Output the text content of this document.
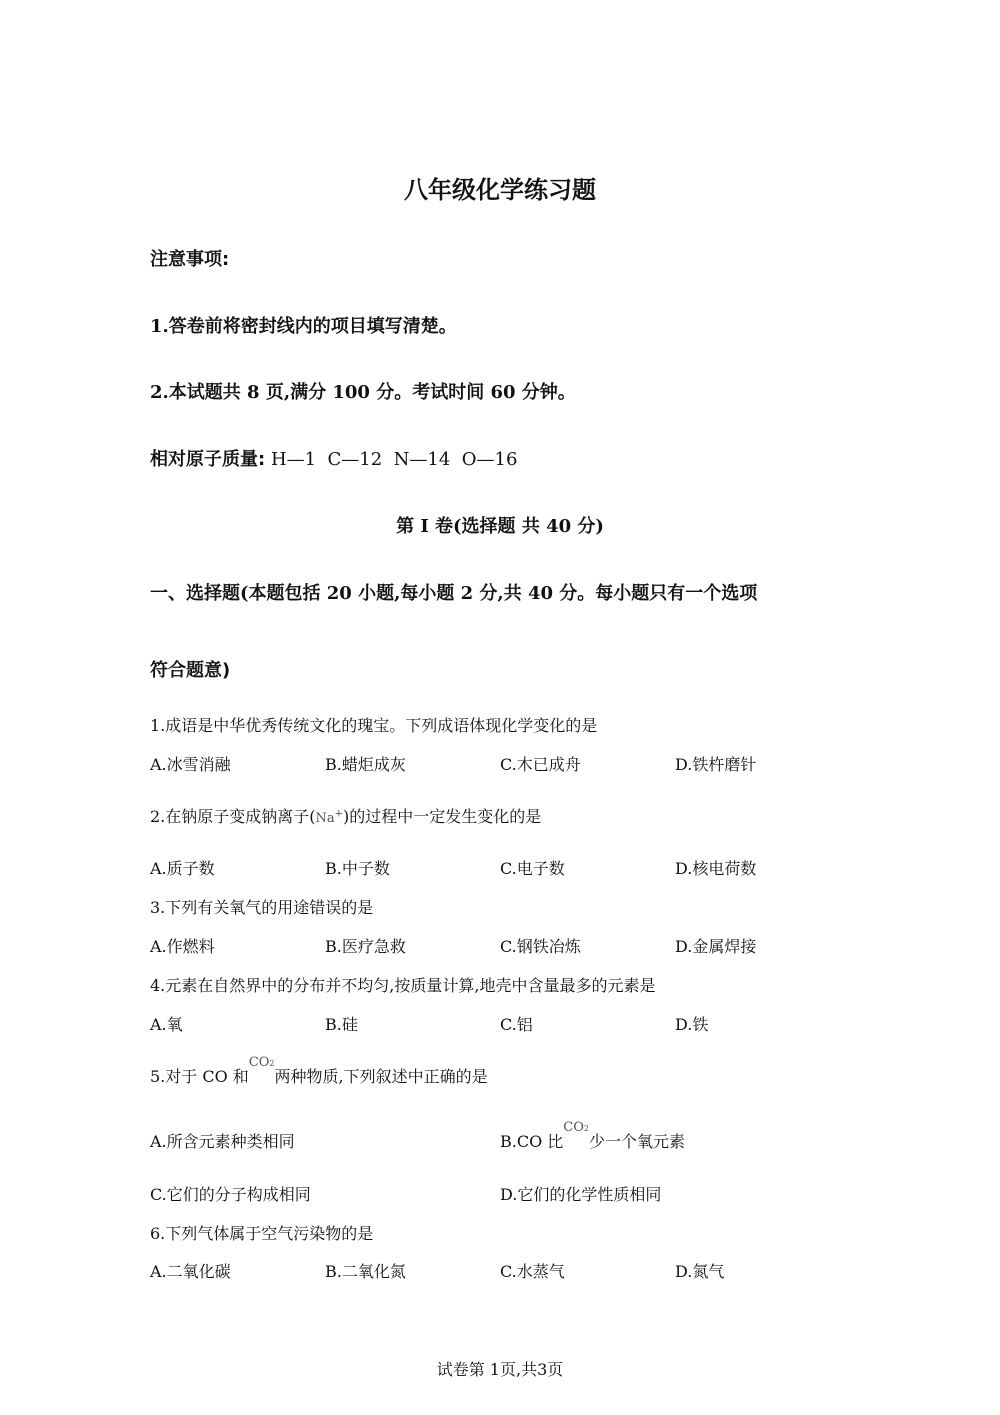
八年级化学练习题
注意事项:
1.答卷前将密封线内的项目填写清楚。
2.本试题共 8 页,满分 100 分。考试时间 60 分钟。
相对原子质量: H—1  C—12  N—14  O—16
第 I 卷(选择题 共 40 分)
一、选择题(本题包括 20 小题,每小题 2 分,共 40 分。每小题只有一个选项
符合题意)
1.成语是中华优秀传统文化的瑰宝。下列成语体现化学变化的是
A.冰雪消融	B.蜡炬成灰	C.木已成舟	D.铁杵磨针
2.在钠原子变成钠离子(Na+)的过程中一定发生变化的是
A.质子数	B.中子数	C.电子数	D.核电荷数
3.下列有关氧气的用途错误的是
A.作燃料	B.医疗急救	C.钢铁冶炼	D.金属焊接
4.元素在自然界中的分布并不均匀,按质量计算,地壳中含量最多的元素是
A.氧	B.硅	C.铝	D.铁
5.对于 CO 和$^{CO2}$两种物质,下列叙述中正确的是
A.所含元素种类相同	B.CO 比$^{CO2}$少一个氧元素
C.它们的分子构成相同	D.它们的化学性质相同
6.下列气体属于空气污染物的是
A.二氧化碳	B.二氧化氮	C.水蒸气	D.氮气
试卷第 1页,共3页
